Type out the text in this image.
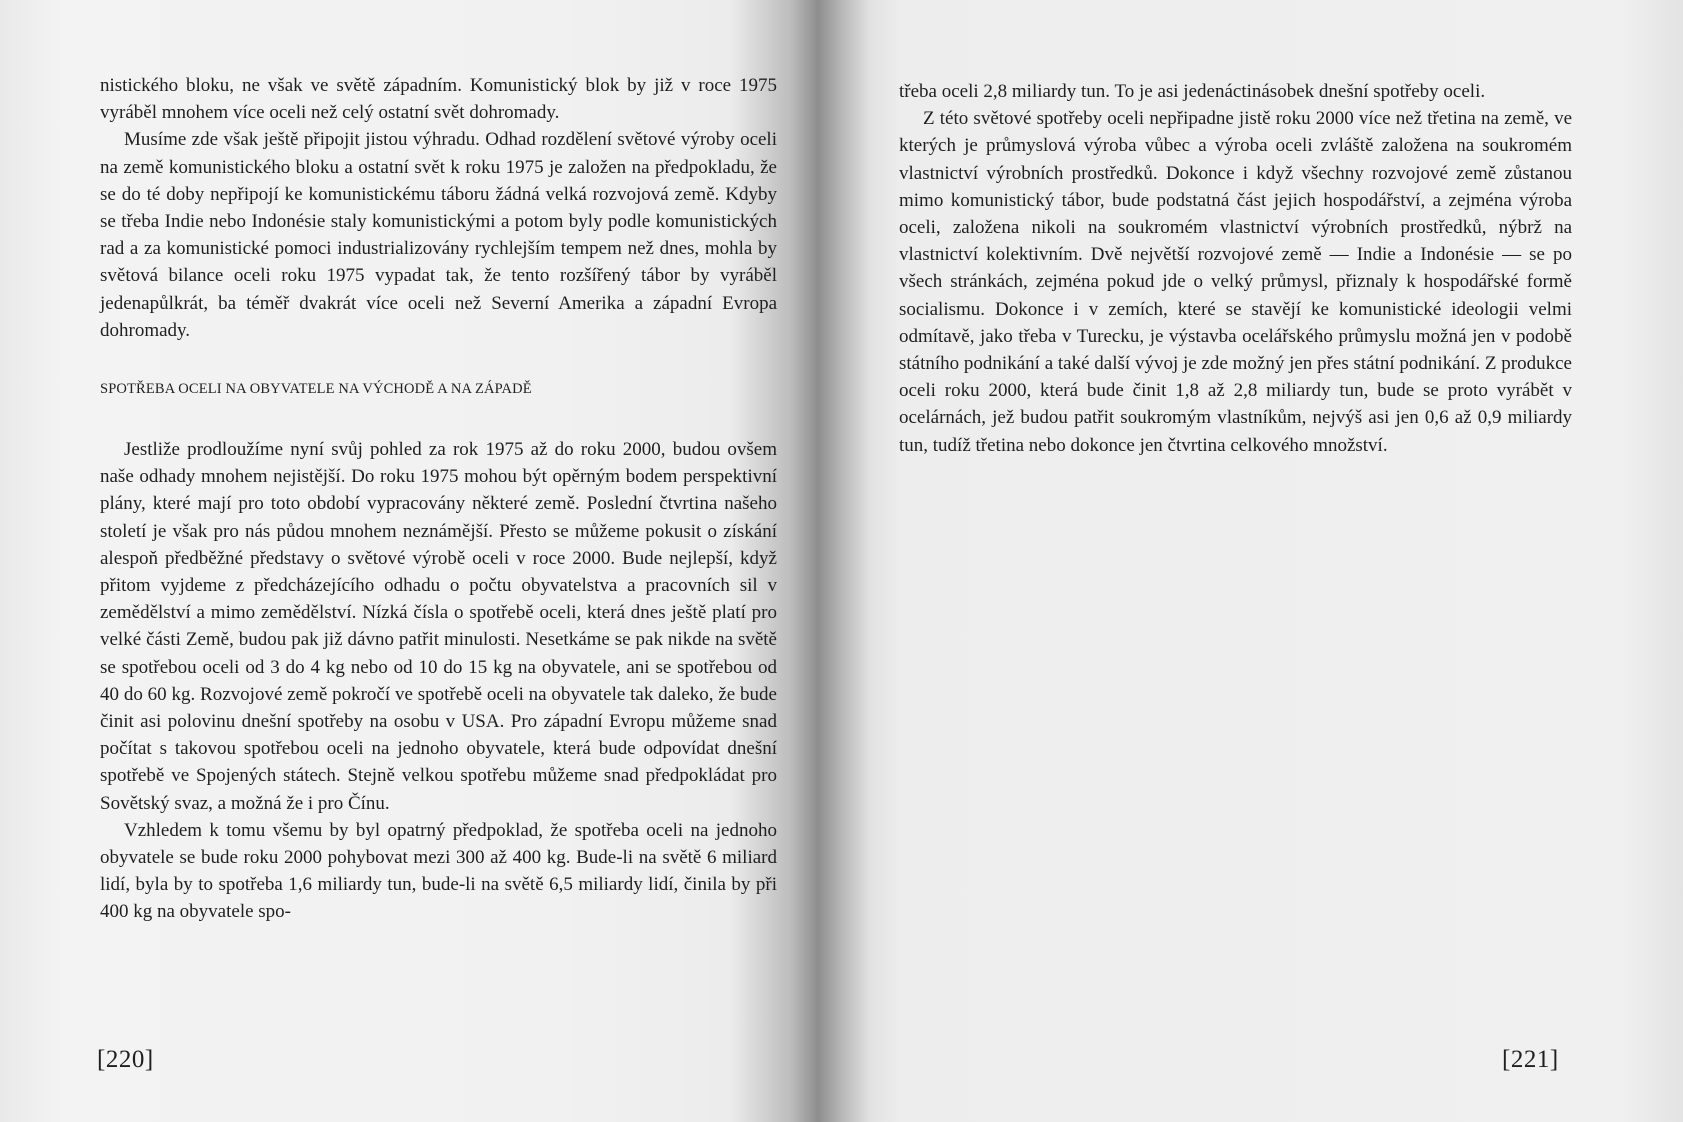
nistického bloku, ne však ve světě západním. Komunistický blok by již v roce 1975 vyráběl mnohem více oceli než celý ostatní svět dohromady.

Musíme zde však ještě připojit jistou výhradu. Odhad rozdělení světové výroby oceli na země komunistického bloku a ostatní svět k roku 1975 je založen na předpokladu, že se do té doby nepřipojí ke komunistickému táboru žádná velká rozvojová země. Kdyby se třeba Indie nebo Indonésie staly komunistickými a potom byly podle komunistických rad a za komunistické pomoci industrializovány rychlejším tempem než dnes, mohla by světová bilance oceli roku 1975 vypadat tak, že tento rozšířený tábor by vyráběl jedenapůlkrát, ba téměř dvakrát více oceli než Severní Amerika a západní Evropa dohromady.

SPOTŘEBA OCELI NA OBYVATELE NA VÝCHODĚ A NA ZÁPADĚ

Jestliže prodloužíme nyní svůj pohled za rok 1975 až do roku 2000, budou ovšem naše odhady mnohem nejistější. Do roku 1975 mohou být opěrným bodem perspektivní plány, které mají pro toto období vypracovány některé země. Poslední čtvrtina našeho století je však pro nás půdou mnohem neznámější. Přesto se můžeme pokusit o získání alespoň předběžné představy o světové výrobě oceli v roce 2000. Bude nejlepší, když přitom vyjdeme z předcházejícího odhadu o počtu obyvatelstva a pracovních sil v zemědělství a mimo zemědělství. Nízká čísla o spotřebě oceli, která dnes ještě platí pro velké části Země, budou pak již dávno patřit minulosti. Nesetkáme se pak nikde na světě se spotřebou oceli od 3 do 4 kg nebo od 10 do 15 kg na obyvatele, ani se spotřebou od 40 do 60 kg. Rozvojové země pokročí ve spotřebě oceli na obyvatele tak daleko, že bude činit asi polovinu dnešní spotřeby na osobu v USA. Pro západní Evropu můžeme snad počítat s takovou spotřebou oceli na jednoho obyvatele, která bude odpovídat dnešní spotřebě ve Spojených státech. Stejně velkou spotřebu můžeme snad předpokládat pro Sovětský svaz, a možná že i pro Čínu.

Vzhledem k tomu všemu by byl opatrný předpoklad, že spotřeba oceli na jednoho obyvatele se bude roku 2000 pohybovat mezi 300 až 400 kg. Bude-li na světě 6 miliard lidí, byla by to spotřeba 1,6 miliardy tun, bude-li na světě 6,5 miliardy lidí, činila by při 400 kg na obyvatele spo-

[220]

třeba oceli 2,8 miliardy tun. To je asi jedenáctinásobek dnešní spotřeby oceli.

Z této světové spotřeby oceli nepřipadne jistě roku 2000 více než třetina na země, ve kterých je průmyslová výroba vůbec a výroba oceli zvláště založena na soukromém vlastnictví výrobních prostředků. Dokonce i když všechny rozvojové země zůstanou mimo komunistický tábor, bude podstatná část jejich hospodářství, a zejména výroba oceli, založena nikoli na soukromém vlastnictví výrobních prostředků, nýbrž na vlastnictví kolektivním. Dvě největší rozvojové země — Indie a Indonésie — se po všech stránkách, zejména pokud jde o velký průmysl, přiznaly k hospodářské formě socialismu. Dokonce i v zemích, které se stavějí ke komunistické ideologii velmi odmítavě, jako třeba v Turecku, je výstavba ocelářského průmyslu možná jen v podobě státního podnikání a také další vývoj je zde možný jen přes státní podnikání. Z produkce oceli roku 2000, která bude činit 1,8 až 2,8 miliardy tun, bude se proto vyrábět v ocelárnách, jež budou patřit soukromým vlastníkům, nejvýš asi jen 0,6 až 0,9 miliardy tun, tudíž třetina nebo dokonce jen čtvrtina celkového množství.

[221]
